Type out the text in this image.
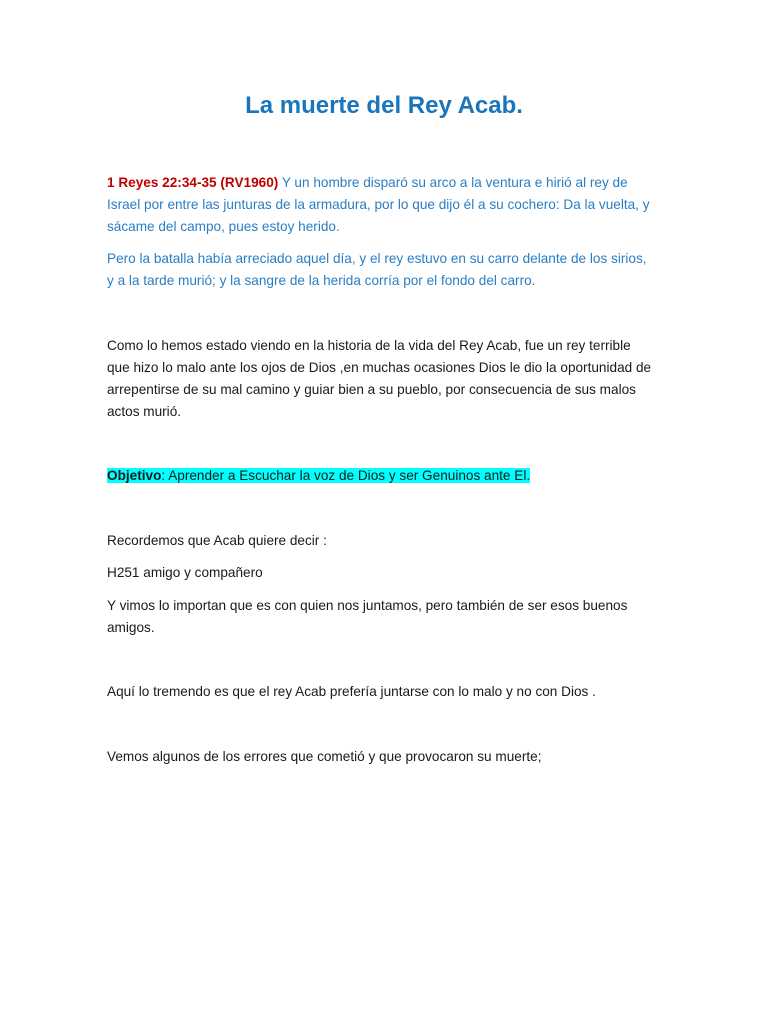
La muerte del Rey Acab.

1 Reyes 22:34-35 (RV1960) Y un hombre disparó su arco a la ventura e hirió al rey de Israel por entre las junturas de la armadura, por lo que dijo él a su cochero: Da la vuelta, y sácame del campo, pues estoy herido.

Pero la batalla había arreciado aquel día, y el rey estuvo en su carro delante de los sirios, y a la tarde murió; y la sangre de la herida corría por el fondo del carro.

Como lo hemos estado viendo en la historia de la vida del Rey Acab, fue un rey terrible que hizo lo malo ante los ojos de Dios ,en muchas ocasiones Dios le dio la oportunidad de arrepentirse de su mal camino y guiar bien a su pueblo, por consecuencia de sus malos actos murió.

Objetivo: Aprender a Escuchar la voz de Dios y ser Genuinos ante El.

Recordemos que Acab quiere decir :

H251 amigo y compañero

Y vimos lo importan que es con quien nos juntamos, pero también de ser esos buenos amigos.

Aquí lo tremendo es que el rey Acab prefería juntarse con lo malo y no con Dios .

Vemos algunos de los errores que cometió y que provocaron su muerte;
